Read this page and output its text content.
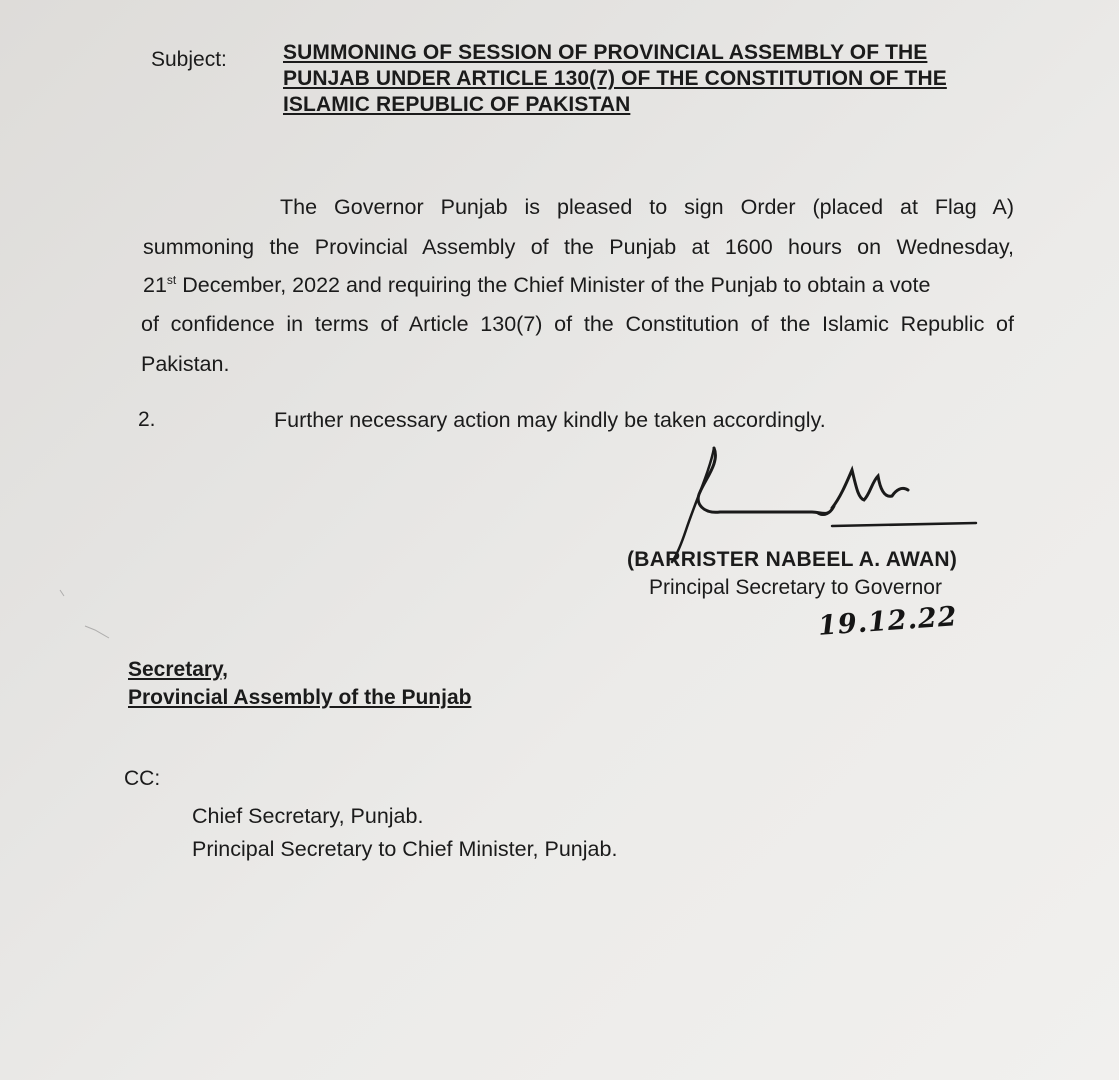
Subject:	SUMMONING OF SESSION OF PROVINCIAL ASSEMBLY OF THE
PUNJAB UNDER ARTICLE 130(7) OF THE CONSTITUTION OF THE
ISLAMIC REPUBLIC OF PAKISTAN
The Governor Punjab is pleased to sign Order (placed at Flag A)
summoning the Provincial Assembly of the Punjab at 1600 hours on Wednesday,
21st December, 2022 and requiring the Chief Minister of the Punjab to obtain a vote
of confidence in terms of Article 130(7) of the Constitution of the Islamic Republic of
Pakistan.
2.	Further necessary action may kindly be taken accordingly.
(BARRISTER NABEEL A. AWAN)
Principal Secretary to Governor
19.12.22
Secretary,
Provincial Assembly of the Punjab
CC:
Chief Secretary, Punjab.
Principal Secretary to Chief Minister, Punjab.
